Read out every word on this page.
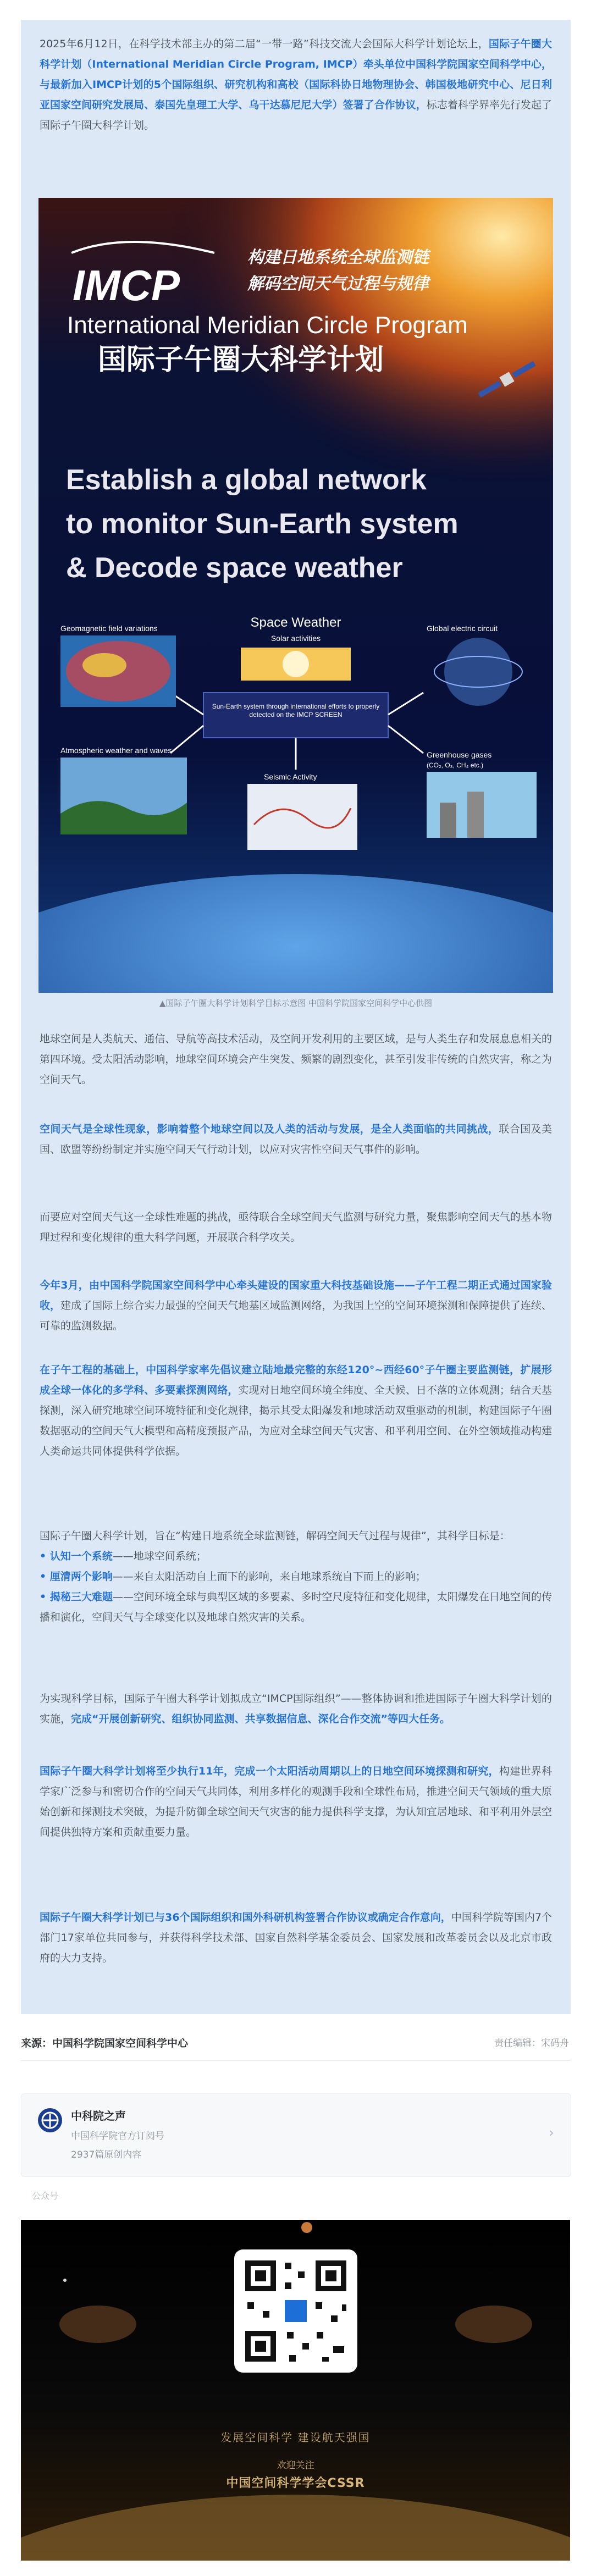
2025年6月12日，在科学技术部主办的第二届“一带一路”科技交流大会国际大科学计划论坛上，国际子午圈大科学计划（International Meridian Circle Program, IMCP）牵头单位中国科学院国家空间科学中心，与最新加入IMCP计划的5个国际组织、研究机构和高校（国际科协日地物理协会、韩国极地研究中心、尼日利亚国家空间研究发展局、泰国先皇理工大学、乌干达慕尼尼大学）签署了合作协议，标志着科学界率先行发起了国际子午圈大科学计划。

IMCP
构建日地系统全球监测链
解码空间天气过程与规律
International Meridian Circle Program
国际子午圈大科学计划
Establish a global network
to monitor Sun-Earth system
& Decode space weather
Space Weather
Solar activities
Sun-Earth system through international efforts to properly detected on the IMCP SCREEN
Geomagnetic field variations	Global electric circuit
Atmospheric weather and waves
Seismic Activity
Greenhouse gases
(CO₂, O₃, CH₄ etc.)
▲国际子午圈大科学计划科学目标示意图 中国科学院国家空间科学中心供图

地球空间是人类航天、通信、导航等高技术活动，及空间开发利用的主要区域，是与人类生存和发展息息相关的第四环境。受太阳活动影响，地球空间环境会产生突发、频繁的剧烈变化，甚至引发非传统的自然灾害，称之为空间天气。

空间天气是全球性现象，影响着整个地球空间以及人类的活动与发展，是全人类面临的共同挑战，联合国及美国、欧盟等纷纷制定并实施空间天气行动计划，以应对灾害性空间天气事件的影响。

而要应对空间天气这一全球性难题的挑战，亟待联合全球空间天气监测与研究力量，聚焦影响空间天气的基本物理过程和变化规律的重大科学问题，开展联合科学攻关。

今年3月，由中国科学院国家空间科学中心牵头建设的国家重大科技基础设施——子午工程二期正式通过国家验收，建成了国际上综合实力最强的空间天气地基区域监测网络，为我国上空的空间环境探测和保障提供了连续、可靠的监测数据。

在子午工程的基础上，中国科学家率先倡议建立陆地最完整的东经120°~西经60°子午圈主要监测链，扩展形成全球一体化的多学科、多要素探测网络，实现对日地空间环境全纬度、全天候、日不落的立体观测；结合天基探测，深入研究地球空间环境特征和变化规律，揭示其受太阳爆发和地球活动双重驱动的机制，构建国际子午圈数据驱动的空间天气大模型和高精度预报产品，为应对全球空间天气灾害、和平利用空间、在外空领域推动构建人类命运共同体提供科学依据。

国际子午圈大科学计划，旨在“构建日地系统全球监测链，解码空间天气过程与规律”，其科学目标是：
• 认知一个系统——地球空间系统；
• 厘清两个影响——来自太阳活动自上而下的影响，来自地球系统自下而上的影响；
• 揭秘三大难题——空间环境全球与典型区域的多要素、多时空尺度特征和变化规律，太阳爆发在日地空间的传播和演化，空间天气与全球变化以及地球自然灾害的关系。

为实现科学目标，国际子午圈大科学计划拟成立“IMCP国际组织”——整体协调和推进国际子午圈大科学计划的实施，完成“开展创新研究、组织协同监测、共享数据信息、深化合作交流”等四大任务。

国际子午圈大科学计划将至少执行11年，完成一个太阳活动周期以上的日地空间环境探测和研究，构建世界科学家广泛参与和密切合作的空间天气共同体，利用多样化的观测手段和全球性布局，推进空间天气领域的重大原始创新和探测技术突破，为提升防御全球空间天气灾害的能力提供科学支撑，为认知宜居地球、和平利用外层空间提供独特方案和贡献重要力量。

国际子午圈大科学计划已与36个国际组织和国外科研机构签署合作协议或确定合作意向，中国科学院等国内7个部门17家单位共同参与，并获得科学技术部、国家自然科学基金委员会、国家发展和改革委员会以及北京市政府的大力支持。

来源：中国科学院国家空间科学中心	责任编辑：宋码舟
中科院之声
中国科学院官方订阅号
2937篇原创内容
›
公众号
发展空间科学 建设航天强国
欢迎关注
中国空间科学学会CSSR
